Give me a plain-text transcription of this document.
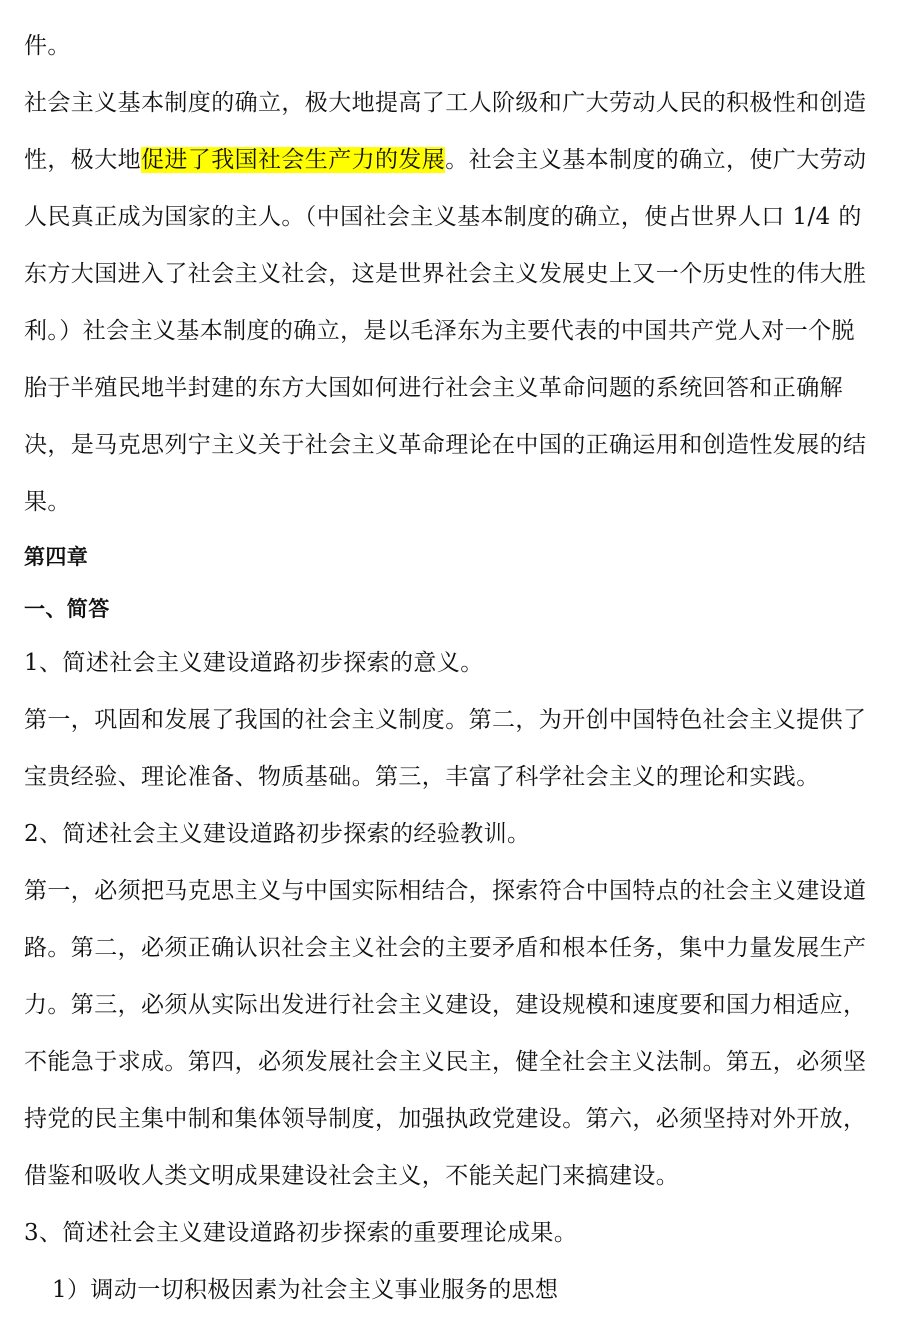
件。
社会主义基本制度的确立，极大地提高了工人阶级和广大劳动人民的积极性和创造
性，极大地促进了我国社会生产力的发展。社会主义基本制度的确立，使广大劳动
人民真正成为国家的主人。（中国社会主义基本制度的确立，使占世界人口 1/4 的
东方大国进入了社会主义社会，这是世界社会主义发展史上又一个历史性的伟大胜
利。）社会主义基本制度的确立，是以毛泽东为主要代表的中国共产党人对一个脱
胎于半殖民地半封建的东方大国如何进行社会主义革命问题的系统回答和正确解
决，是马克思列宁主义关于社会主义革命理论在中国的正确运用和创造性发展的结
果。
第四章
一、简答
1、简述社会主义建设道路初步探索的意义。
第一，巩固和发展了我国的社会主义制度。第二，为开创中国特色社会主义提供了
宝贵经验、理论准备、物质基础。第三，丰富了科学社会主义的理论和实践。
2、简述社会主义建设道路初步探索的经验教训。
第一，必须把马克思主义与中国实际相结合，探索符合中国特点的社会主义建设道
路。第二，必须正确认识社会主义社会的主要矛盾和根本任务，集中力量发展生产
力。第三，必须从实际出发进行社会主义建设，建设规模和速度要和国力相适应，
不能急于求成。第四，必须发展社会主义民主，健全社会主义法制。第五，必须坚
持党的民主集中制和集体领导制度，加强执政党建设。第六，必须坚持对外开放，
借鉴和吸收人类文明成果建设社会主义，不能关起门来搞建设。
3、简述社会主义建设道路初步探索的重要理论成果。
1）调动一切积极因素为社会主义事业服务的思想
